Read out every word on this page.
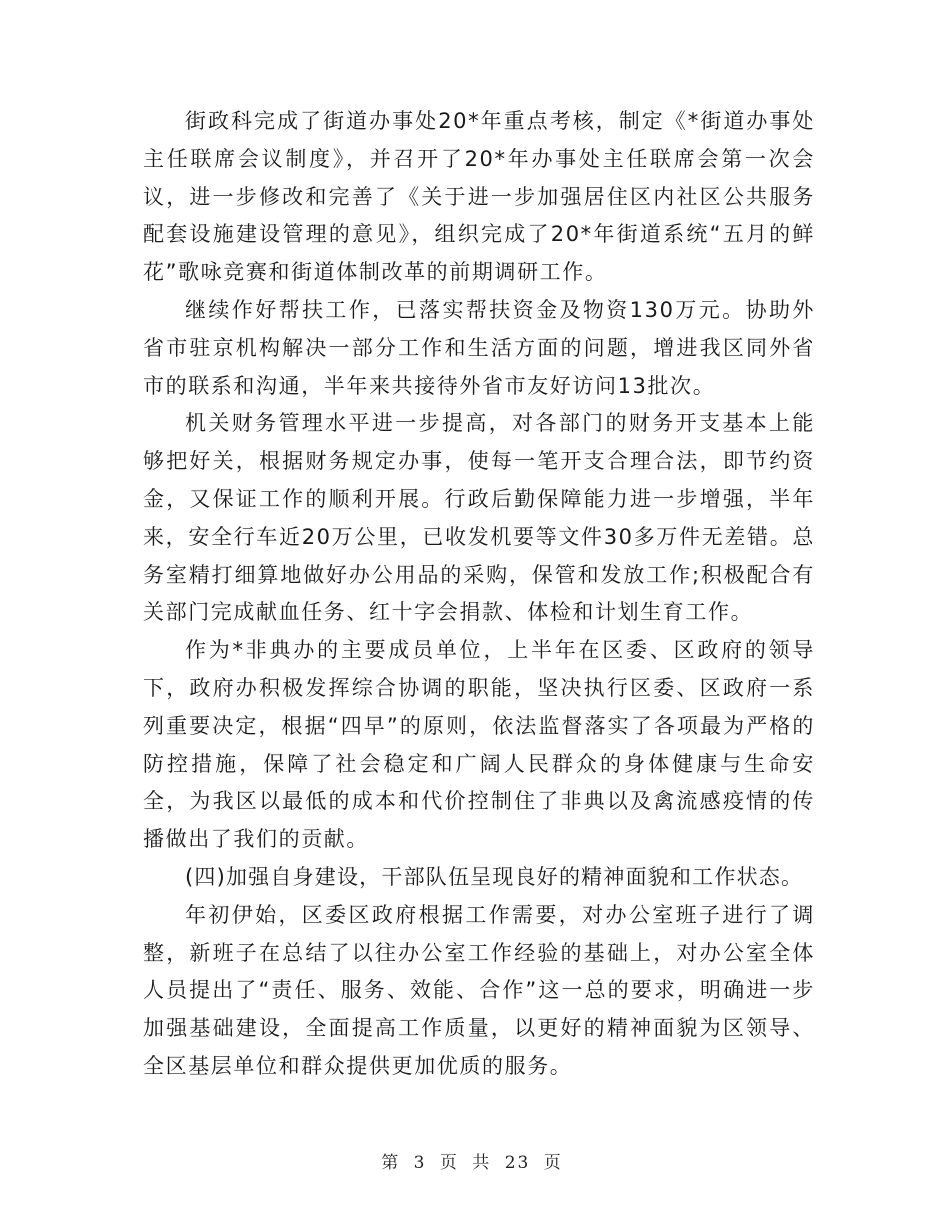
街政科完成了街道办事处20*年重点考核，制定《*街道办事处主任联席会议制度》，并召开了20*年办事处主任联席会第一次会议，进一步修改和完善了《关于进一步加强居住区内社区公共服务配套设施建设管理的意见》，组织完成了20*年街道系统“五月的鲜花”歌咏竞赛和街道体制改革的前期调研工作。

继续作好帮扶工作，已落实帮扶资金及物资130万元。协助外省市驻京机构解决一部分工作和生活方面的问题，增进我区同外省市的联系和沟通，半年来共接待外省市友好访问13批次。

机关财务管理水平进一步提高，对各部门的财务开支基本上能够把好关，根据财务规定办事，使每一笔开支合理合法，即节约资金，又保证工作的顺利开展。行政后勤保障能力进一步增强，半年来，安全行车近20万公里，已收发机要等文件30多万件无差错。总务室精打细算地做好办公用品的采购，保管和发放工作;积极配合有关部门完成献血任务、红十字会捐款、体检和计划生育工作。

作为*非典办的主要成员单位，上半年在区委、区政府的领导下，政府办积极发挥综合协调的职能，坚决执行区委、区政府一系列重要决定，根据“四早”的原则，依法监督落实了各项最为严格的防控措施，保障了社会稳定和广阔人民群众的身体健康与生命安全，为我区以最低的成本和代价控制住了非典以及禽流感疫情的传播做出了我们的贡献。

(四)加强自身建设，干部队伍呈现良好的精神面貌和工作状态。

年初伊始，区委区政府根据工作需要，对办公室班子进行了调整，新班子在总结了以往办公室工作经验的基础上，对办公室全体人员提出了“责任、服务、效能、合作”这一总的要求，明确进一步加强基础建设，全面提高工作质量，以更好的精神面貌为区领导、全区基层单位和群众提供更加优质的服务。

第 3 页 共 23 页
